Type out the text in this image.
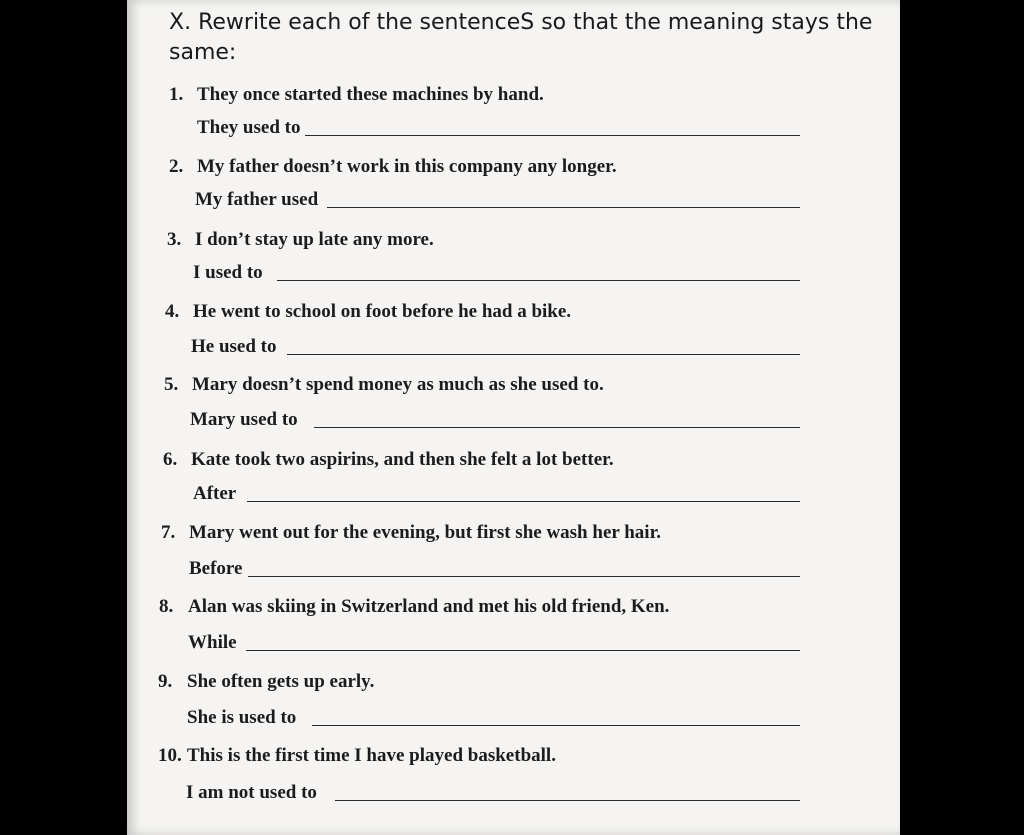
X. Rewrite each of the sentenceS so that the meaning stays the same:
1. They once started these machines by hand.
They used to
2. My father doesn’t work in this company any longer.
My father used
3. I don’t stay up late any more.
I used to
4. He went to school on foot before he had a bike.
He used to
5. Mary doesn’t spend money as much as she used to.
Mary used to
6. Kate took two aspirins, and then she felt a lot better.
After
7. Mary went out for the evening, but first she wash her hair.
Before
8. Alan was skiing in Switzerland and met his old friend, Ken.
While
9. She often gets up early.
She is used to
10. This is the first time I have played basketball.
I am not used to
